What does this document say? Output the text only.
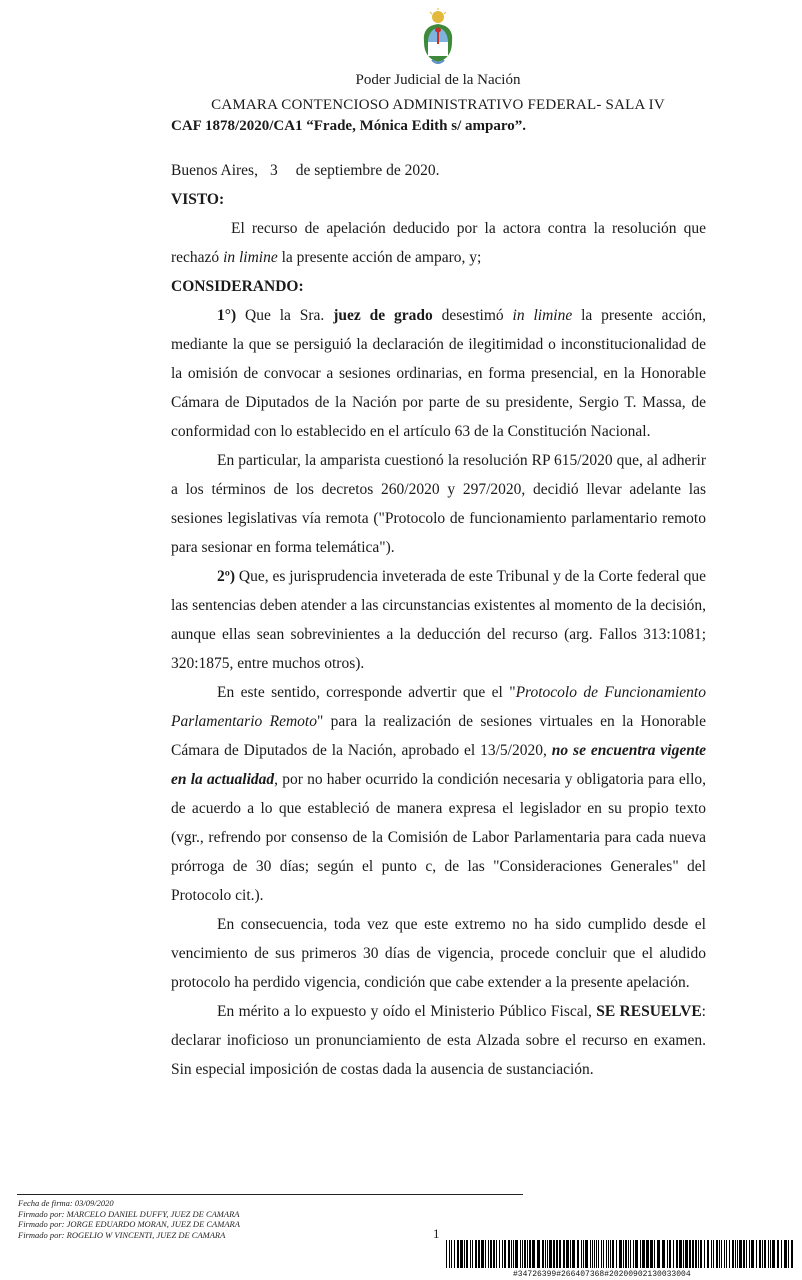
Poder Judicial de la Nación
CAMARA CONTENCIOSO ADMINISTRATIVO FEDERAL- SALA IV
CAF 1878/2020/CA1 “Frade, Mónica Edith s/ amparo”.

Buenos Aires, 3 de septiembre de 2020.

VISTO:

El recurso de apelación deducido por la actora contra la resolución que rechazó in limine la presente acción de amparo, y;

CONSIDERANDO:

1°) Que la Sra. juez de grado desestimó in limine la presente acción, mediante la que se persiguió la declaración de ilegitimidad o inconstitucionalidad de la omisión de convocar a sesiones ordinarias, en forma presencial, en la Honorable Cámara de Diputados de la Nación por parte de su presidente, Sergio T. Massa, de conformidad con lo establecido en el artículo 63 de la Constitución Nacional.

En particular, la amparista cuestionó la resolución RP 615/2020 que, al adherir a los términos de los decretos 260/2020 y 297/2020, decidió llevar adelante las sesiones legislativas vía remota ("Protocolo de funcionamiento parlamentario remoto para sesionar en forma telemática").

2º) Que, es jurisprudencia inveterada de este Tribunal y de la Corte federal que las sentencias deben atender a las circunstancias existentes al momento de la decisión, aunque ellas sean sobrevinientes a la deducción del recurso (arg. Fallos 313:1081; 320:1875, entre muchos otros).

En este sentido, corresponde advertir que el "Protocolo de Funcionamiento Parlamentario Remoto" para la realización de sesiones virtuales en la Honorable Cámara de Diputados de la Nación, aprobado el 13/5/2020, no se encuentra vigente en la actualidad, por no haber ocurrido la condición necesaria y obligatoria para ello, de acuerdo a lo que estableció de manera expresa el legislador en su propio texto (vgr., refrendo por consenso de la Comisión de Labor Parlamentaria para cada nueva prórroga de 30 días; según el punto c, de las "Consideraciones Generales" del Protocolo cit.).

En consecuencia, toda vez que este extremo no ha sido cumplido desde el vencimiento de sus primeros 30 días de vigencia, procede concluir que el aludido protocolo ha perdido vigencia, condición que cabe extender a la presente apelación.

En mérito a lo expuesto y oído el Ministerio Público Fiscal, SE RESUELVE: declarar inoficioso un pronunciamiento de esta Alzada sobre el recurso en examen. Sin especial imposición de costas dada la ausencia de sustanciación.

Fecha de firma: 03/09/2020
Firmado por: MARCELO DANIEL DUFFY, JUEZ DE CAMARA
Firmado por: JORGE EDUARDO MORAN, JUEZ DE CAMARA
Firmado por: ROGELIO W VINCENTI, JUEZ DE CAMARA	1
#34726399#266407368#20200902130033004
